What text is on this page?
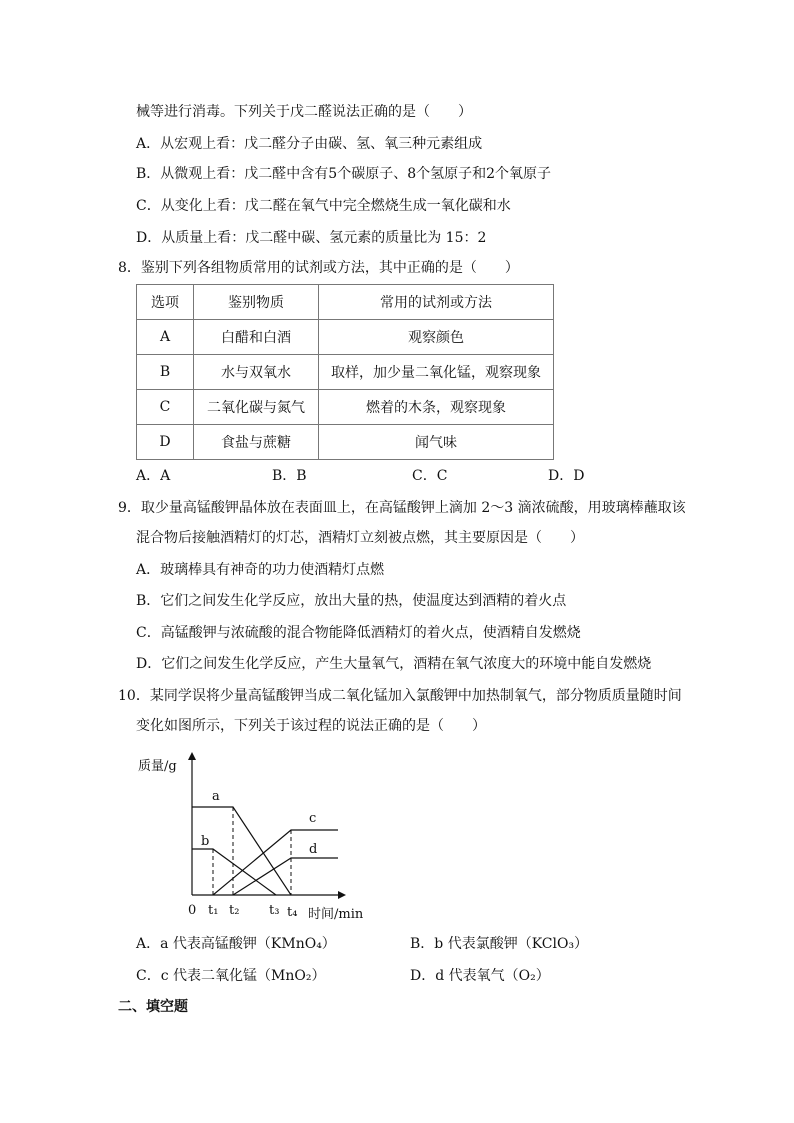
械等进行消毒。下列关于戊二醛说法正确的是（　　）
A．从宏观上看：戊二醛分子由碳、氢、氧三种元素组成
B．从微观上看：戊二醛中含有5个碳原子、8个氢原子和2个氧原子
C．从变化上看：戊二醛在氧气中完全燃烧生成一氧化碳和水
D．从质量上看：戊二醛中碳、氢元素的质量比为 15：2
8．鉴别下列各组物质常用的试剂或方法，其中正确的是（　　）
选项	鉴别物质	常用的试剂或方法
A	白醋和白酒	观察颜色
B	水与双氧水	取样，加少量二氧化锰，观察现象
C	二氧化碳与氮气	燃着的木条，观察现象
D	食盐与蔗糖	闻气味
A．A	B．B	C．C	D．D
9．取少量高锰酸钾晶体放在表面皿上，在高锰酸钾上滴加 2～3 滴浓硫酸，用玻璃棒蘸取该
混合物后接触酒精灯的灯芯，酒精灯立刻被点燃，其主要原因是（　　）
A．玻璃棒具有神奇的功力使酒精灯点燃
B．它们之间发生化学反应，放出大量的热，使温度达到酒精的着火点
C．高锰酸钾与浓硫酸的混合物能降低酒精灯的着火点，使酒精自发燃烧
D．它们之间发生化学反应，产生大量氧气，酒精在氧气浓度大的环境中能自发燃烧
10．某同学误将少量高锰酸钾当成二氧化锰加入氯酸钾中加热制氧气，部分物质质量随时间
变化如图所示，下列关于该过程的说法正确的是（　　）
质量/g
时间/min
0 t₁ t₂ t₃ t₄
a
b
c
d
A．a 代表高锰酸钾（KMnO₄）	B．b 代表氯酸钾（KClO₃）
C．c 代表二氧化锰（MnO₂）	D．d 代表氧气（O₂）
二、填空题
